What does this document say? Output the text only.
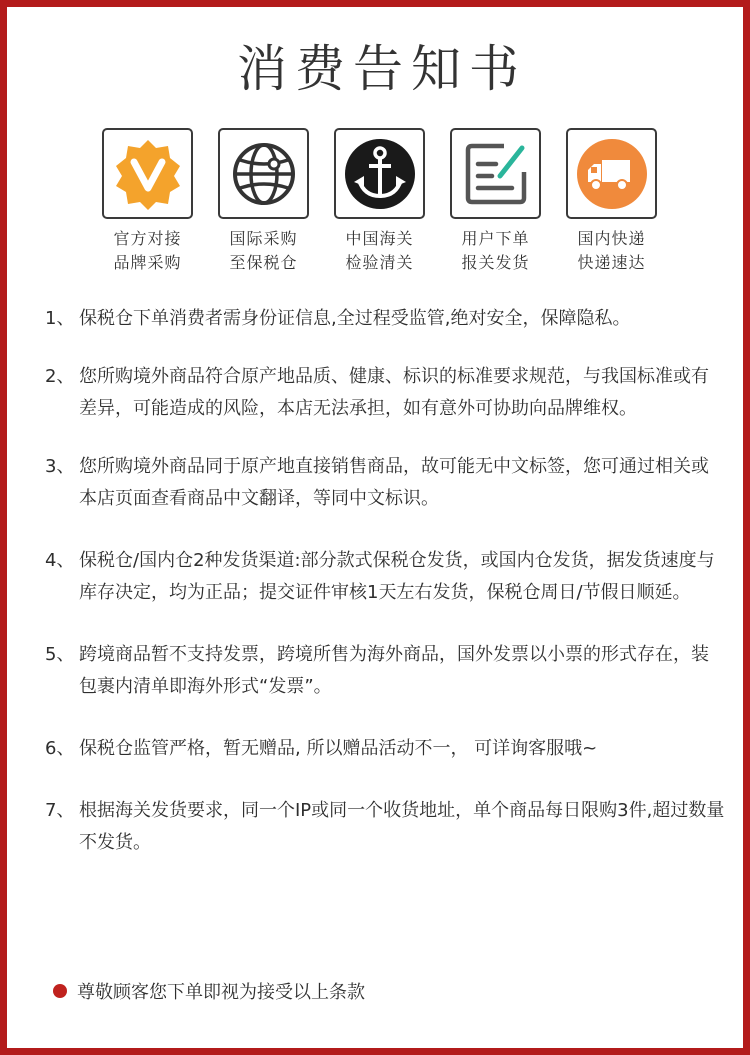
消费告知书
官方对接
品牌采购
国际采购
至保税仓
中国海关
检验清关
用户下单
报关发货
国内快递
快递速达
1、 保税仓下单消费者需身份证信息,全过程受监管,绝对安全，保障隐私。
2、 您所购境外商品符合原产地品质、健康、标识的标准要求规范，与我国标准或有差异，可能造成的风险，本店无法承担，如有意外可协助向品牌维权。
3、 您所购境外商品同于原产地直接销售商品，故可能无中文标签，您可通过相关或本店页面查看商品中文翻译，等同中文标识。
4、 保税仓/国内仓2种发货渠道:部分款式保税仓发货，或国内仓发货，据发货速度与库存决定，均为正品；提交证件审核1天左右发货，保税仓周日/节假日顺延。
5、 跨境商品暂不支持发票，跨境所售为海外商品，国外发票以小票的形式存在，装包裹内清单即海外形式“发票”。
6、 保税仓监管严格，暂无赠品, 所以赠品活动不一， 可详询客服哦~
7、 根据海关发货要求，同一个IP或同一个收货地址，单个商品每日限购3件,超过数量不发货。
尊敬顾客您下单即视为接受以上条款
